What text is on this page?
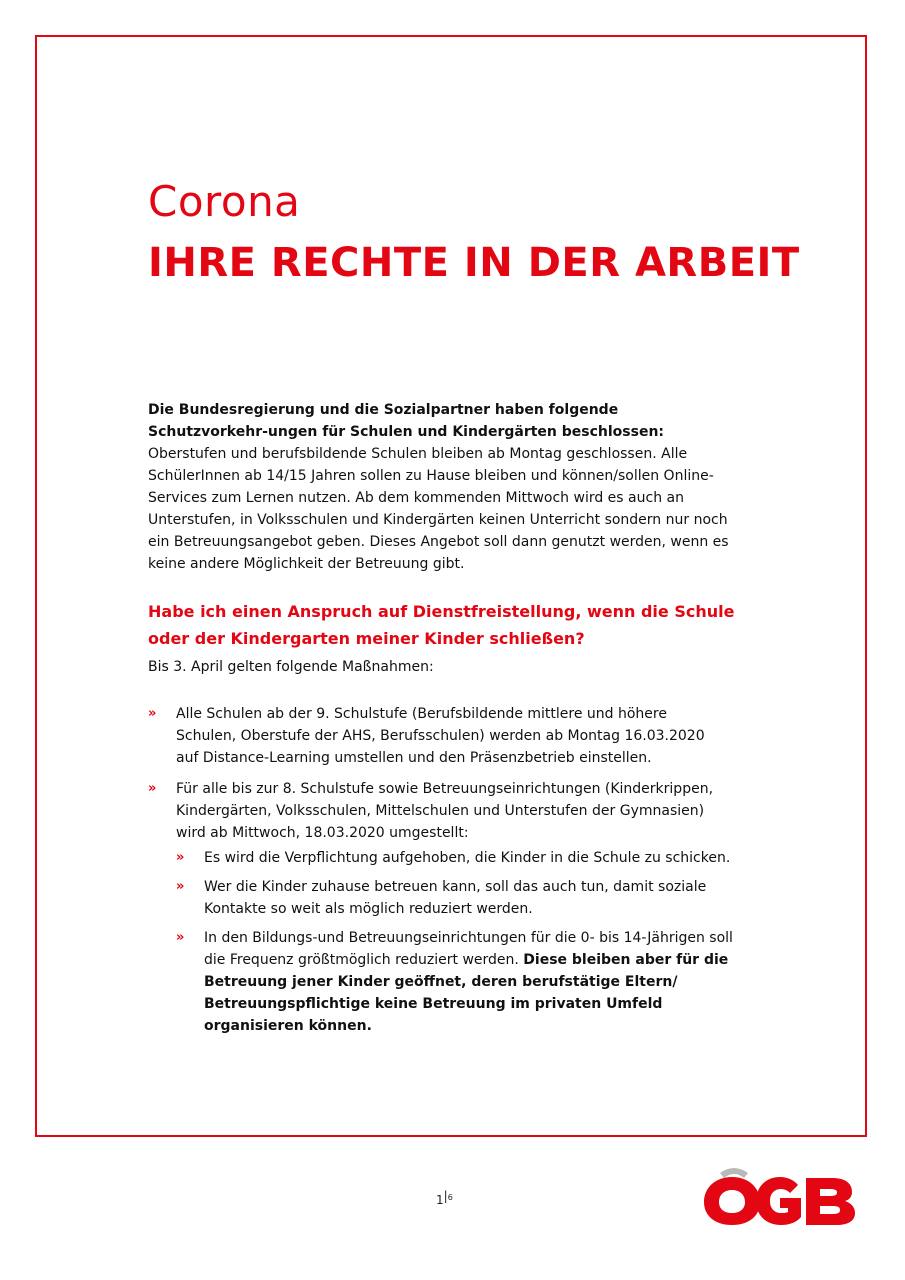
Corona
IHRE RECHTE IN DER ARBEIT

Die Bundesregierung und die Sozialpartner haben folgende Schutzvorkehr-ungen für Schulen und Kindergärten beschlossen: Oberstufen und berufsbildende Schulen bleiben ab Montag geschlossen. Alle SchülerInnen ab 14/15 Jahren sollen zu Hause bleiben und können/sollen Online-Services zum Lernen nutzen. Ab dem kommenden Mittwoch wird es auch an Unterstufen, in Volksschulen und Kindergärten keinen Unterricht sondern nur noch ein Betreuungsangebot geben. Dieses Angebot soll dann genutzt werden, wenn es keine andere Möglichkeit der Betreuung gibt.

Habe ich einen Anspruch auf Dienstfreistellung, wenn die Schule oder der Kindergarten meiner Kinder schließen?

Bis 3. April gelten folgende Maßnahmen:

» Alle Schulen ab der 9. Schulstufe (Berufsbildende mittlere und höhere Schulen, Oberstufe der AHS, Berufsschulen) werden ab Montag 16.03.2020 auf Distance-Learning umstellen und den Präsenzbetrieb einstellen.
» Für alle bis zur 8. Schulstufe sowie Betreuungseinrichtungen (Kinderkrippen, Kindergärten, Volksschulen, Mittelschulen und Unterstufen der Gymnasien) wird ab Mittwoch, 18.03.2020 umgestellt:
» Es wird die Verpflichtung aufgehoben, die Kinder in die Schule zu schicken.
» Wer die Kinder zuhause betreuen kann, soll das auch tun, damit soziale Kontakte so weit als möglich reduziert werden.
» In den Bildungs-und Betreuungseinrichtungen für die 0- bis 14-Jährigen soll die Frequenz größtmöglich reduziert werden. Diese bleiben aber für die Betreuung jener Kinder geöffnet, deren berufstätige Eltern/ Betreuungspflichtige keine Betreuung im privaten Umfeld organisieren können.
$1^{|6}$
